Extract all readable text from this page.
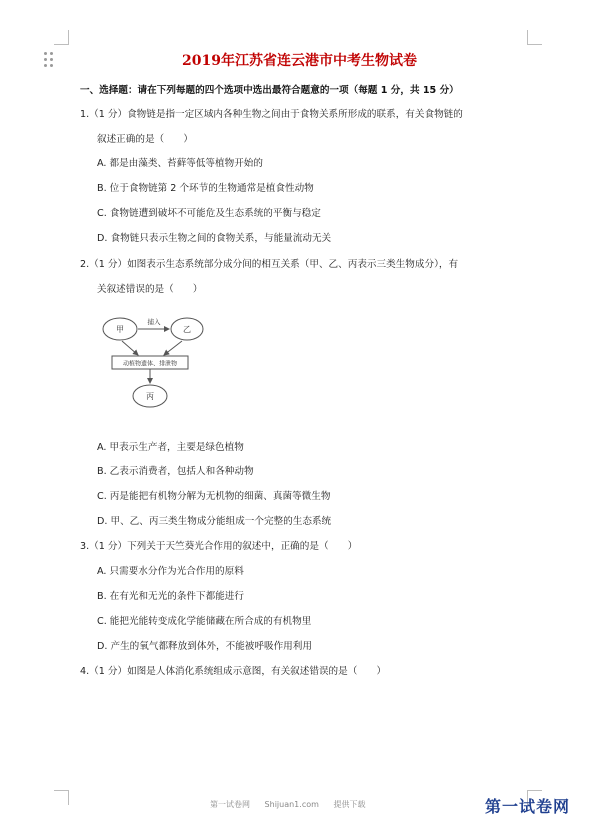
2019年江苏省连云港市中考生物试卷
一、选择题：请在下列每题的四个选项中选出最符合题意的一项（每题 1 分，共 15 分）
1.（1 分）食物链是指一定区域内各种生物之间由于食物关系所形成的联系，有关食物链的
叙述正确的是（　　）
A. 都是由藻类、苔藓等低等植物开始的
B. 位于食物链第 2 个环节的生物通常是植食性动物
C. 食物链遭到破坏不可能危及生态系统的平衡与稳定
D. 食物链只表示生物之间的食物关系，与能量流动无关
2.（1 分）如图表示生态系统部分成分间的相互关系（甲、乙、丙表示三类生物成分），有
关叙述错误的是（　　）
甲	乙
丙
捕入
动植物遗体、排泄物
A. 甲表示生产者，主要是绿色植物
B. 乙表示消费者，包括人和各种动物
C. 丙是能把有机物分解为无机物的细菌、真菌等微生物
D. 甲、乙、丙三类生物成分能组成一个完整的生态系统
3.（1 分）下列关于天竺葵光合作用的叙述中，正确的是（　　）
A. 只需要水分作为光合作用的原料
B. 在有光和无光的条件下都能进行
C. 能把光能转变成化学能储藏在所合成的有机物里
D. 产生的氧气都释放到体外，不能被呼吸作用利用
4.（1 分）如图是人体消化系统组成示意图，有关叙述错误的是（　　）
第一试卷网 Shijuan1.com 提供下载	第一试卷网
